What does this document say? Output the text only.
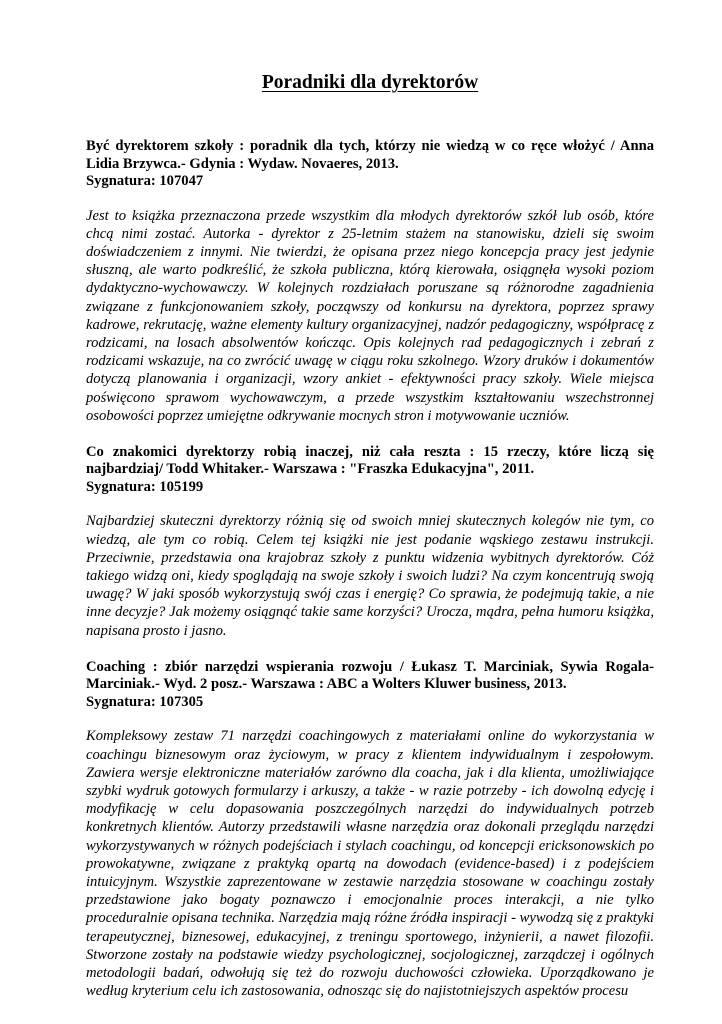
Poradniki dla dyrektorów

Być dyrektorem szkoły : poradnik dla tych, którzy nie wiedzą w co ręce włożyć / Anna Lidia Brzywca.- Gdynia : Wydaw. Novaeres, 2013.

Sygnatura: 107047

Jest to książka przeznaczona przede wszystkim dla młodych dyrektorów szkół lub osób, które chcą nimi zostać. Autorka - dyrektor z 25-letnim stażem na stanowisku, dzieli się swoim doświadczeniem z innymi. Nie twierdzi, że opisana przez niego koncepcja pracy jest jedynie słuszną, ale warto podkreślić, że szkoła publiczna, którą kierowała, osiągnęła wysoki poziom dydaktyczno-wychowawczy. W kolejnych rozdziałach poruszane są różnorodne zagadnienia związane z funkcjonowaniem szkoły, począwszy od konkursu na dyrektora, poprzez sprawy kadrowe, rekrutację, ważne elementy kultury organizacyjnej, nadzór pedagogiczny, współpracę z rodzicami, na losach absolwentów kończąc. Opis kolejnych rad pedagogicznych i zebrań z rodzicami wskazuje, na co zwrócić uwagę w ciągu roku szkolnego. Wzory druków i dokumentów dotyczą planowania i organizacji, wzory ankiet - efektywności pracy szkoły. Wiele miejsca poświęcono sprawom wychowawczym, a przede wszystkim kształtowaniu wszechstronnej osobowości poprzez umiejętne odkrywanie mocnych stron i motywowanie uczniów.

Co znakomici dyrektorzy robią inaczej, niż cała reszta : 15 rzeczy, które liczą się najbardziaj/ Todd Whitaker.- Warszawa : "Fraszka Edukacyjna", 2011.

Sygnatura: 105199

Najbardziej skuteczni dyrektorzy różnią się od swoich mniej skutecznych kolegów nie tym, co wiedzą, ale tym co robią. Celem tej książki nie jest podanie wąskiego zestawu instrukcji. Przeciwnie, przedstawia ona krajobraz szkoły z punktu widzenia wybitnych dyrektorów. Cóż takiego widzą oni, kiedy spoglądają na swoje szkoły i swoich ludzi? Na czym koncentrują swoją uwagę? W jaki sposób wykorzystują swój czas i energię? Co sprawia, że podejmują takie, a nie inne decyzje? Jak możemy osiągnąć takie same korzyści? Urocza, mądra, pełna humoru książka, napisana prosto i jasno.

Coaching : zbiór narzędzi wspierania rozwoju / Łukasz T. Marciniak, Sywia Rogala-Marciniak.- Wyd. 2 posz.- Warszawa : ABC a Wolters Kluwer business, 2013.

Sygnatura: 107305

Kompleksowy zestaw 71 narzędzi coachingowych z materiałami online do wykorzystania w coachingu biznesowym oraz życiowym, w pracy z klientem indywidualnym i zespołowym. Zawiera wersje elektroniczne materiałów zarówno dla coacha, jak i dla klienta, umożliwiające szybki wydruk gotowych formularzy i arkuszy, a także - w razie potrzeby - ich dowolną edycję i modyfikację w celu dopasowania poszczególnych narzędzi do indywidualnych potrzeb konkretnych klientów. Autorzy przedstawili własne narzędzia oraz dokonali przeglądu narzędzi wykorzystywanych w różnych podejściach i stylach coachingu, od koncepcji ericksonowskich po prowokatywne, związane z praktyką opartą na dowodach (evidence-based) i z podejściem intuicyjnym. Wszystkie zaprezentowane w zestawie narzędzia stosowane w coachingu zostały przedstawione jako bogaty poznawczo i emocjonalnie proces interakcji, a nie tylko proceduralnie opisana technika. Narzędzia mają różne źródła inspiracji - wywodzą się z praktyki terapeutycznej, biznesowej, edukacyjnej, z treningu sportowego, inżynierii, a nawet filozofii. Stworzone zostały na podstawie wiedzy psychologicznej, socjologicznej, zarządczej i ogólnych metodologii badań, odwołują się też do rozwoju duchowości człowieka. Uporządkowano je według kryterium celu ich zastosowania, odnosząc się do najistotniejszych aspektów procesu
